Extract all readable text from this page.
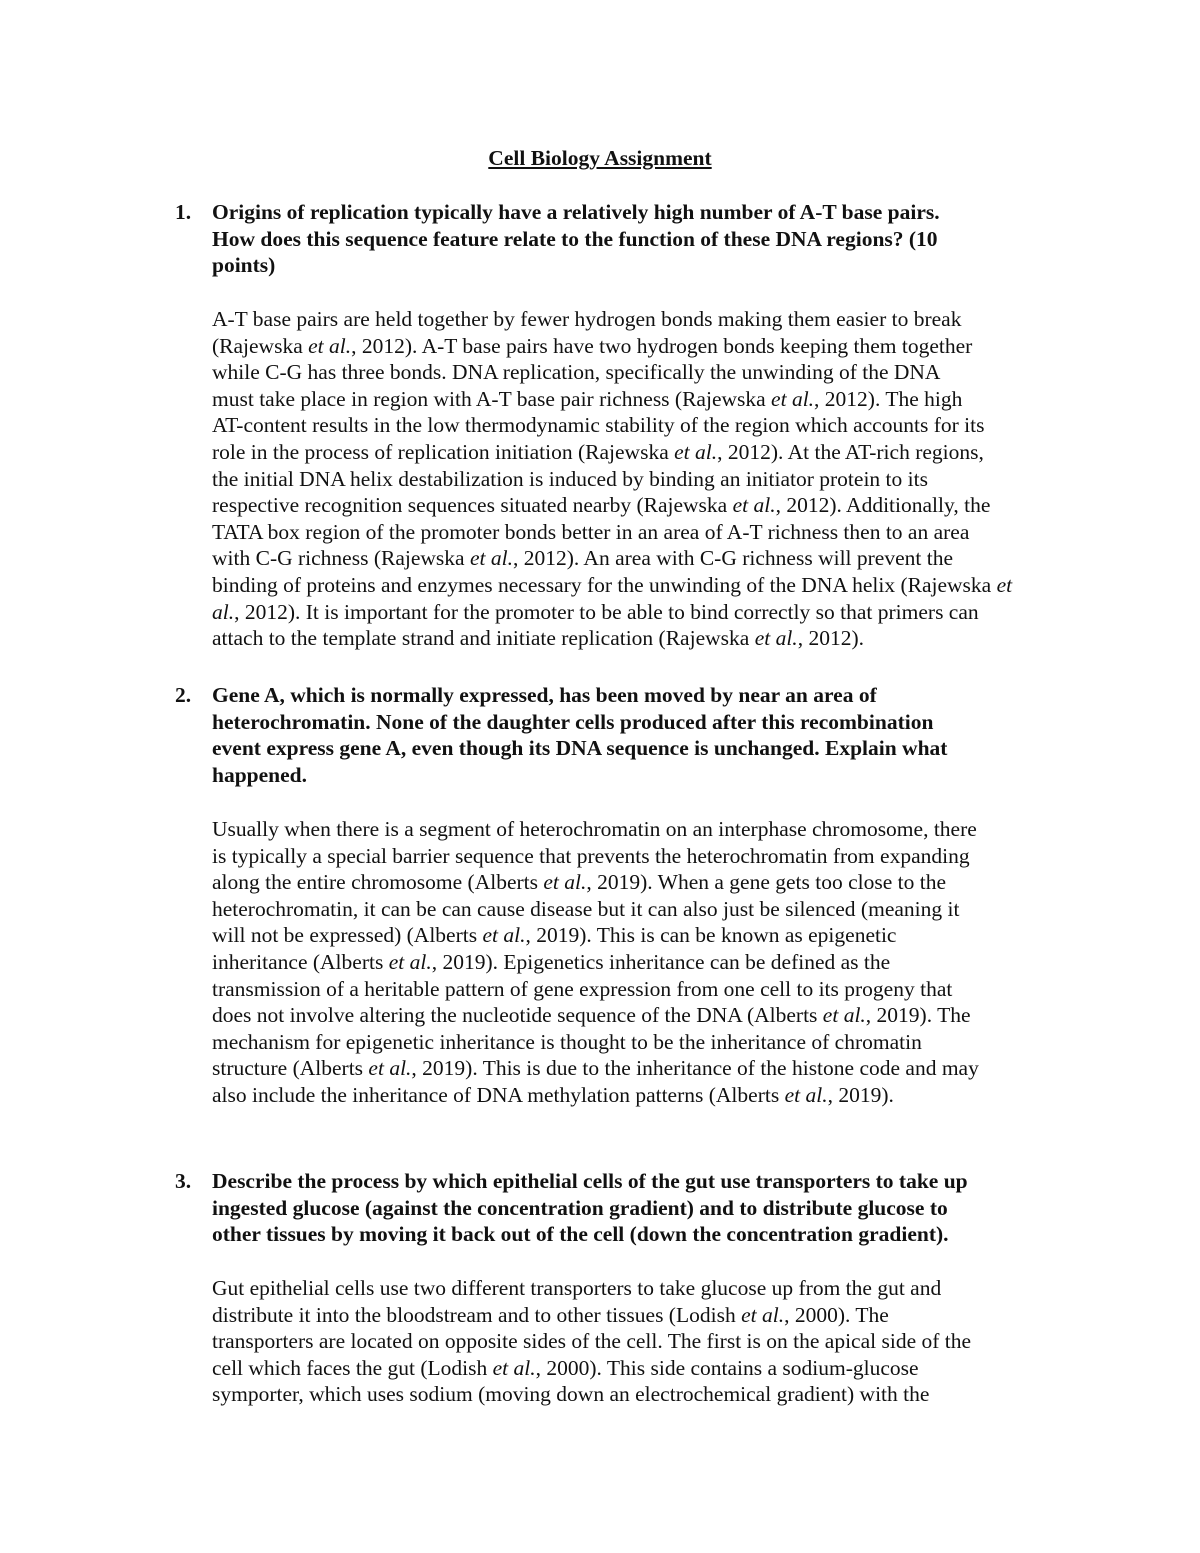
Cell Biology Assignment
1. Origins of replication typically have a relatively high number of A-T base pairs.
How does this sequence feature relate to the function of these DNA regions? (10
points)
A-T base pairs are held together by fewer hydrogen bonds making them easier to break
(Rajewska et al., 2012). A-T base pairs have two hydrogen bonds keeping them together
while C-G has three bonds. DNA replication, specifically the unwinding of the DNA
must take place in region with A-T base pair richness (Rajewska et al., 2012). The high
AT-content results in the low thermodynamic stability of the region which accounts for its
role in the process of replication initiation (Rajewska et al., 2012). At the AT-rich regions,
the initial DNA helix destabilization is induced by binding an initiator protein to its
respective recognition sequences situated nearby (Rajewska et al., 2012). Additionally, the
TATA box region of the promoter bonds better in an area of A-T richness then to an area
with C-G richness (Rajewska et al., 2012). An area with C-G richness will prevent the
binding of proteins and enzymes necessary for the unwinding of the DNA helix (Rajewska et
al., 2012). It is important for the promoter to be able to bind correctly so that primers can
attach to the template strand and initiate replication (Rajewska et al., 2012).
2. Gene A, which is normally expressed, has been moved by near an area of
heterochromatin. None of the daughter cells produced after this recombination
event express gene A, even though its DNA sequence is unchanged. Explain what
happened.
Usually when there is a segment of heterochromatin on an interphase chromosome, there
is typically a special barrier sequence that prevents the heterochromatin from expanding
along the entire chromosome (Alberts et al., 2019). When a gene gets too close to the
heterochromatin, it can be can cause disease but it can also just be silenced (meaning it
will not be expressed) (Alberts et al., 2019). This is can be known as epigenetic
inheritance (Alberts et al., 2019). Epigenetics inheritance can be defined as the
transmission of a heritable pattern of gene expression from one cell to its progeny that
does not involve altering the nucleotide sequence of the DNA (Alberts et al., 2019). The
mechanism for epigenetic inheritance is thought to be the inheritance of chromatin
structure (Alberts et al., 2019). This is due to the inheritance of the histone code and may
also include the inheritance of DNA methylation patterns (Alberts et al., 2019).
3. Describe the process by which epithelial cells of the gut use transporters to take up
ingested glucose (against the concentration gradient) and to distribute glucose to
other tissues by moving it back out of the cell (down the concentration gradient).
Gut epithelial cells use two different transporters to take glucose up from the gut and
distribute it into the bloodstream and to other tissues (Lodish et al., 2000). The
transporters are located on opposite sides of the cell. The first is on the apical side of the
cell which faces the gut (Lodish et al., 2000). This side contains a sodium-glucose
symporter, which uses sodium (moving down an electrochemical gradient) with the
